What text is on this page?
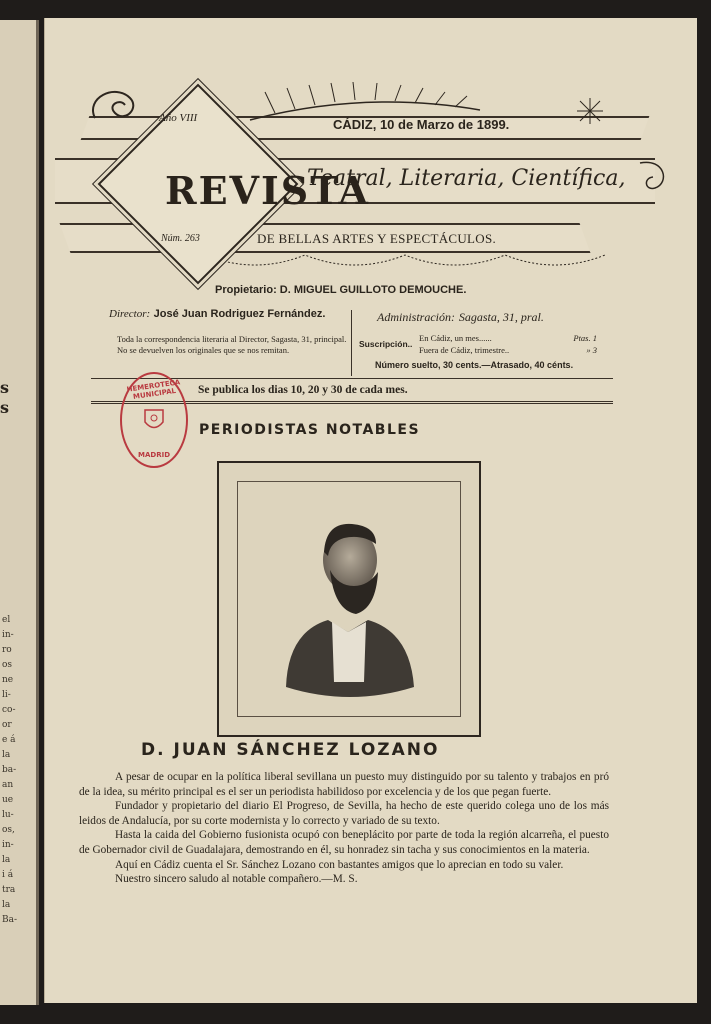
s
s
el
in-
ro
os
ne
li-
co-
or
e á
la
ba-
an
ue
lu-
os,
in-
la
i á
tra
la
Ba-
Año VIII
REVISTA
Núm. 263
CÁDIZ, 10 de Marzo de 1899.
Teatral, Literaria, Científica,
DE BELLAS ARTES Y ESPECTÁCULOS.
Propietario: D. MIGUEL GUILLOTO DEMOUCHE.
Director: José Juan Rodriguez Fernández.
Toda la correspondencia literaria al Director, Sagasta, 31, principal.
No se devuelven los originales que se nos remitan.
Administración: Sagasta, 31, pral.
Suscripción..
En Cádiz, un mes......	Ptas. 1
Fuera de Cádiz, trimestre..	» 3
Número suelto, 30 cents.—Atrasado, 40 cénts.
Se publica los dias 10, 20 y 30 de cada mes.
HEMEROTECA MUNICIPAL
MADRID
PERIODISTAS NOTABLES
D. JUAN SÁNCHEZ LOZANO

A pesar de ocupar en la política liberal sevillana un puesto muy distinguido por su talento y trabajos en pró de la idea, su mérito principal es el ser un periodista habilidoso por excelencia y de los que pegan fuerte.

Fundador y propietario del diario El Progreso, de Sevilla, ha hecho de este querido colega uno de los más leidos de Andalucía, por su corte modernista y lo correcto y variado de su texto.

Hasta la caida del Gobierno fusionista ocupó con beneplácito por parte de toda la región alcarreña, el puesto de Gobernador civil de Guadalajara, demostrando en él, su honradez sin tacha y sus conocimientos en la materia.

Aquí en Cádiz cuenta el Sr. Sánchez Lozano con bastantes amigos que lo aprecian en todo su valer.

Nuestro sincero saludo al notable compañero.—M. S.
